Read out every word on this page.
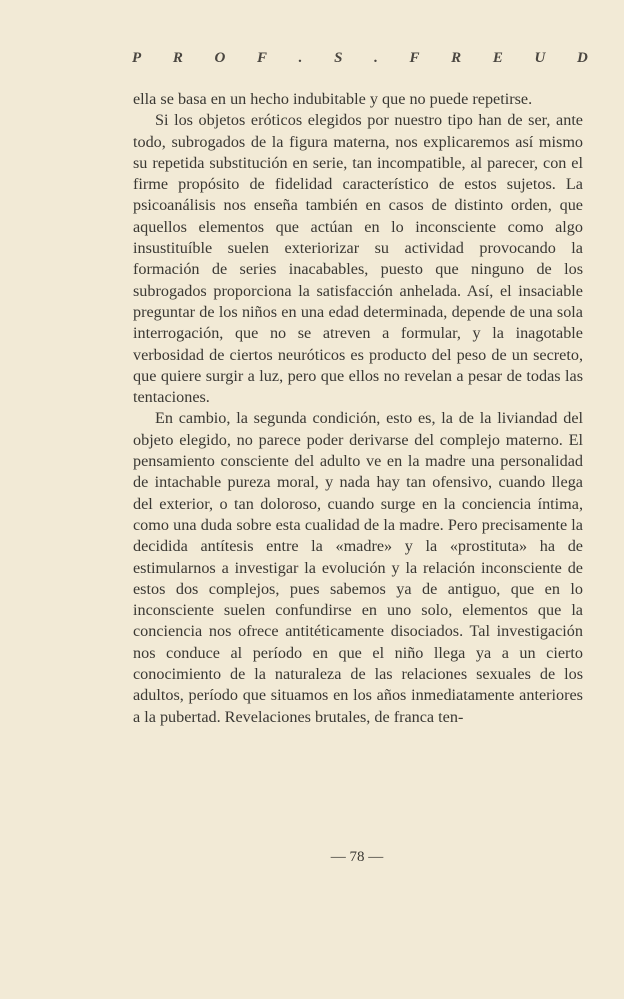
P R O F . S . F R E U D

ella se basa en un hecho indubitable y que no puede repetirse.

Si los objetos eróticos elegidos por nuestro tipo han de ser, ante todo, subrogados de la figura materna, nos explicaremos así mismo su repetida substitución en serie, tan incompatible, al parecer, con el firme propósito de fidelidad característico de estos sujetos. La psicoanálisis nos enseña también en casos de distinto orden, que aquellos elementos que actúan en lo inconsciente como algo insustituíble suelen exteriorizar su actividad provocando la formación de series inacabables, puesto que ninguno de los subrogados proporciona la satisfacción anhelada. Así, el insaciable preguntar de los niños en una edad determinada, depende de una sola interrogación, que no se atreven a formular, y la inagotable verbosidad de ciertos neuróticos es producto del peso de un secreto, que quiere surgir a luz, pero que ellos no revelan a pesar de todas las tentaciones.

En cambio, la segunda condición, esto es, la de la liviandad del objeto elegido, no parece poder derivarse del complejo materno. El pensamiento consciente del adulto ve en la madre una personalidad de intachable pureza moral, y nada hay tan ofensivo, cuando llega del exterior, o tan doloroso, cuando surge en la conciencia íntima, como una duda sobre esta cualidad de la madre. Pero precisamente la decidida antítesis entre la «madre» y la «prostituta» ha de estimularnos a investigar la evolución y la relación inconsciente de estos dos complejos, pues sabemos ya de antiguo, que en lo inconsciente suelen confundirse en uno solo, elementos que la conciencia nos ofrece antitéticamente disociados. Tal investigación nos conduce al período en que el niño llega ya a un cierto conocimiento de la naturaleza de las relaciones sexuales de los adultos, período que situamos en los años inmediatamente anteriores a la pubertad. Revelaciones brutales, de franca ten-

— 78 —
